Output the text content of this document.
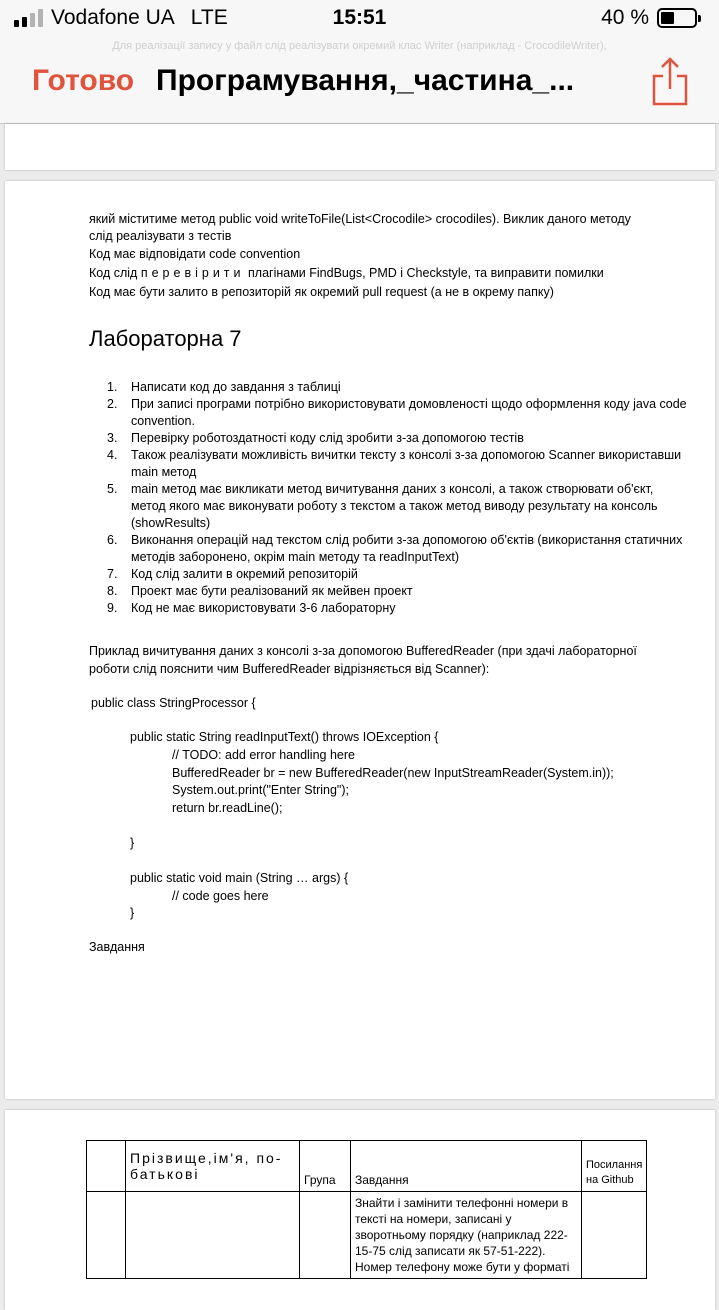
Vodafone UA LTE	15:51	40 %
Для реалізації запису у файл слід реалізувати окремий клас Writer (наприклад - CrocodileWriter),
Готово Програмування,_частина_...
який міститиме метод public void writeToFile(List<Crocodile> crocodiles). Виклик даного методу
слід реалізувати з тестів
Код має відповідати code convention
Код слід перевірити плагінами FindBugs, PMD і Checkstyle, та виправити помилки
Код має бути залито в репозиторій як окремий pull request (а не в окрему папку)
Лабораторна 7
1. Написати код до завдання з таблиці
2. При записі програми потрібно використовувати домовленості щодо оформлення коду java code convention.
3. Перевірку роботоздатності коду слід зробити з-за допомогою тестів
4. Також реалізувати можливість вичитки тексту з консолі з-за допомогою Scanner використавши main метод
5. main метод має викликати метод вичитування даних з консолі, а також створювати об'єкт, метод якого має виконувати роботу з текстом а також метод виводу результату на консоль (showResults)
6. Виконання операцій над текстом слід робити з-за допомогою об'єктів (використання статичних методів заборонено, окрім main методу та readInputText)
7. Код слід залити в окремий репозиторій
8. Проект має бути реалізований як мейвен проект
9. Код не має використовувати 3-6 лабораторну
Приклад вичитування даних з консолі з-за допомогою BufferedReader (при здачі лабораторної
роботи слід пояснити чим BufferedReader відрізняється від Scanner):
public class StringProcessor {
public static String readInputText() throws IOException {
// TODO: add error handling here
BufferedReader br = new BufferedReader(new InputStreamReader(System.in));
System.out.print("Enter String");
return br.readLine();
}
public static void main (String … args) {
// code goes here
}
Завдання
	Прізвище,ім'я, по-батькові	Група	Завдання	Посилання на Github
			Знайти і замінити телефонні номери в тексті на номери, записані у зворотньому порядку (наприклад 222-15-75 слід записати як 57-51-222). Номер телефону може бути у форматі	
